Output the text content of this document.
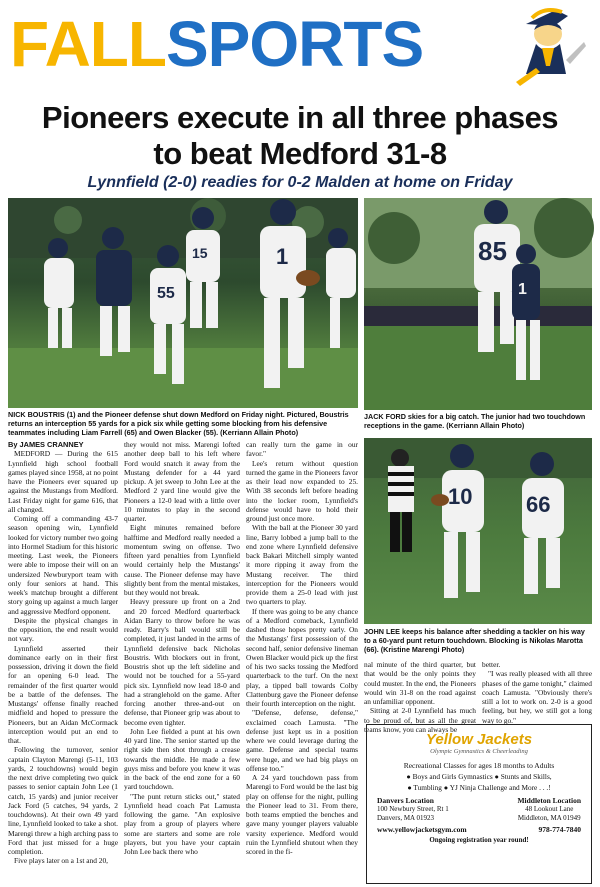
FALLSPORTS
Pioneers execute in all three phases
to beat Medford 31-8
Lynnfield (2-0) readies for 0-2 Malden at home on Friday
55
15	1
NICK BOUSTRIS (1) and the Pioneer defense shut down Medford on Friday night. Pictured, Boustris returns an interception 55 yards for a pick six while getting some blocking from his defensive teammates including Liam Farrell (65) and Owen Blacker (55). (Kerriann Allain Photo)
85
1
JACK FORD skies for a big catch. The junior had two touchdown receptions in the game. (Kerriann Allain Photo)
10 66
JOHN LEE keeps his balance after shedding a tackler on his way to a 60-yard punt return touchdown. Blocking is Nikolas Marotta (66). (Kristine Marengi Photo)

By JAMES CRANNEY

MEDFORD — During the 615 Lynnfield high school football games played since 1958, at no point have the Pioneers ever squared up against the Mustangs from Medford. Last Friday night for game 616, that all changed.

Coming off a commanding 43-7 season opening win, Lynnfield looked for victory number two going into Hormel Stadium for this historic meeting. Last week, the Pioneers were able to impose their will on an undersized Newburyport team with only four seniors at hand. This week's matchup brought a different story going up against a much larger and aggressive Medford opponent.

Despite the physical changes in the opposition, the end result would not vary.

Lynnfield asserted their dominance early on in their first possession, driving it down the field for an opening 6-0 lead. The remainder of the first quarter would be a battle of the defenses. The Mustangs' offense finally reached midfield and hoped to pressure the Pioneers, but an Aidan McCormack interception would put an end to that.

Following the turnover, senior captain Clayton Marengi (5-11, 103 yards, 2 touchdowns) would begin the next drive completing two quick passes to senior captain John Lee (1 catch, 15 yards) and junior receiver Jack Ford (5 catches, 94 yards, 2 touchdowns). At their own 49 yard line, Lynnfield looked to take a shot. Marengi threw a high arching pass to Ford that just missed for a huge completion.

Five plays later on a 1st and 20,

they would not miss. Marengi lofted another deep ball to his left where Ford would snatch it away from the Mustang defender for a 44 yard pickup. A jet sweep to John Lee at the Medford 2 yard line would give the Pioneers a 12-0 lead with a little over 10 minutes to play in the second quarter.

Eight minutes remained before halftime and Medford really needed a momentum swing on offense. Two fifteen yard penalties from Lynnfield would certainly help the Mustangs' cause. The Pioneer defense may have slightly bent from the mental mistakes, but they would not break.

Heavy pressure up front on a 2nd and 20 forced Medford quarterback Aidan Barry to throw before he was ready. Barry's ball would still be completed, it just landed in the arms of Lynnfield defensive back Nicholas Boustris. With blockers out in front, Boustris shot up the left sideline and would not be touched for a 55-yard pick six. Lynnfield now lead 18-0 and had a stranglehold on the game. After forcing another three-and-out on defense, that Pioneer grip was about to become even tighter.

John Lee fielded a punt at his own 40 yard line. The senior started up the right side then shot through a crease towards the middle. He made a few guys miss and before you knew it was in the back of the end zone for a 60 yard touchdown.

"The punt return sticks out," stated Lynnfield head coach Pat Lamusta following the game. "An explosive play from a group of players where some are starters and some are role players, but you have your captain John Lee back there who

can really turn the game in our favor."

Lee's return without question turned the game in the Pioneers favor as their lead now expanded to 25. With 38 seconds left before heading into the locker room, Lynnfield's defense would have to hold their ground just once more.

With the ball at the Pioneer 30 yard line, Barry lobbed a jump ball to the end zone where Lynnfield defensive back Bakari Mitchell simply wanted it more ripping it away from the Mustang receiver. The third interception for the Pioneers would provide them a 25-0 lead with just two quarters to play.

If there was going to be any chance of a Medford comeback, Lynnfield dashed those hopes pretty early. On the Mustangs' first possession of the second half, senior defensive lineman Owen Blacker would pick up the first of his two sacks tossing the Medford quarterback to the turf. On the next play, a tipped ball towards Colby Clattenburg gave the Pioneer defense their fourth interception on the night.

"Defense, defense, defense," exclaimed coach Lamusta. "The defense just kept us in a position where we could leverage during the game. Defense and special teams were huge, and we had big plays on offense too."

A 24 yard touchdown pass from Marengi to Ford would be the last big play on offense for the night, pulling the Pioneer lead to 31. From there, both teams emptied the benches and gave many younger players valuable varsity experience. Medford would ruin the Lynnfield shutout when they scored in the fi-

nal minute of the third quarter, but that would be the only points they could muster. In the end, the Pioneers would win 31-8 on the road against an unfamiliar opponent.

Sitting at 2-0 Lynnfield has much to be proud of, but as all the great teams know, you can always be

better.

"I was really pleased with all three phases of the game tonight," claimed coach Lamusta. "Obviously there's still a lot to work on. 2-0 is a good feeling, but hey, we still got a long way to go."

Yellow Jackets
Olympic Gymnastics & Cheerleading
Recreational Classes for ages 18 months to Adults
● Boys and Girls Gymnastics ● Stunts and Skills,
● Tumbling ● YJ Ninja Challenge and More . . .!
Danvers Location
100 Newbury Street, Rt 1
Danvers, MA 01923
Middleton Location
48 Lookout Lane
Middleton, MA 01949
www.yellowjacketsgym.com	978-774-7840
Ongoing registration year round!
